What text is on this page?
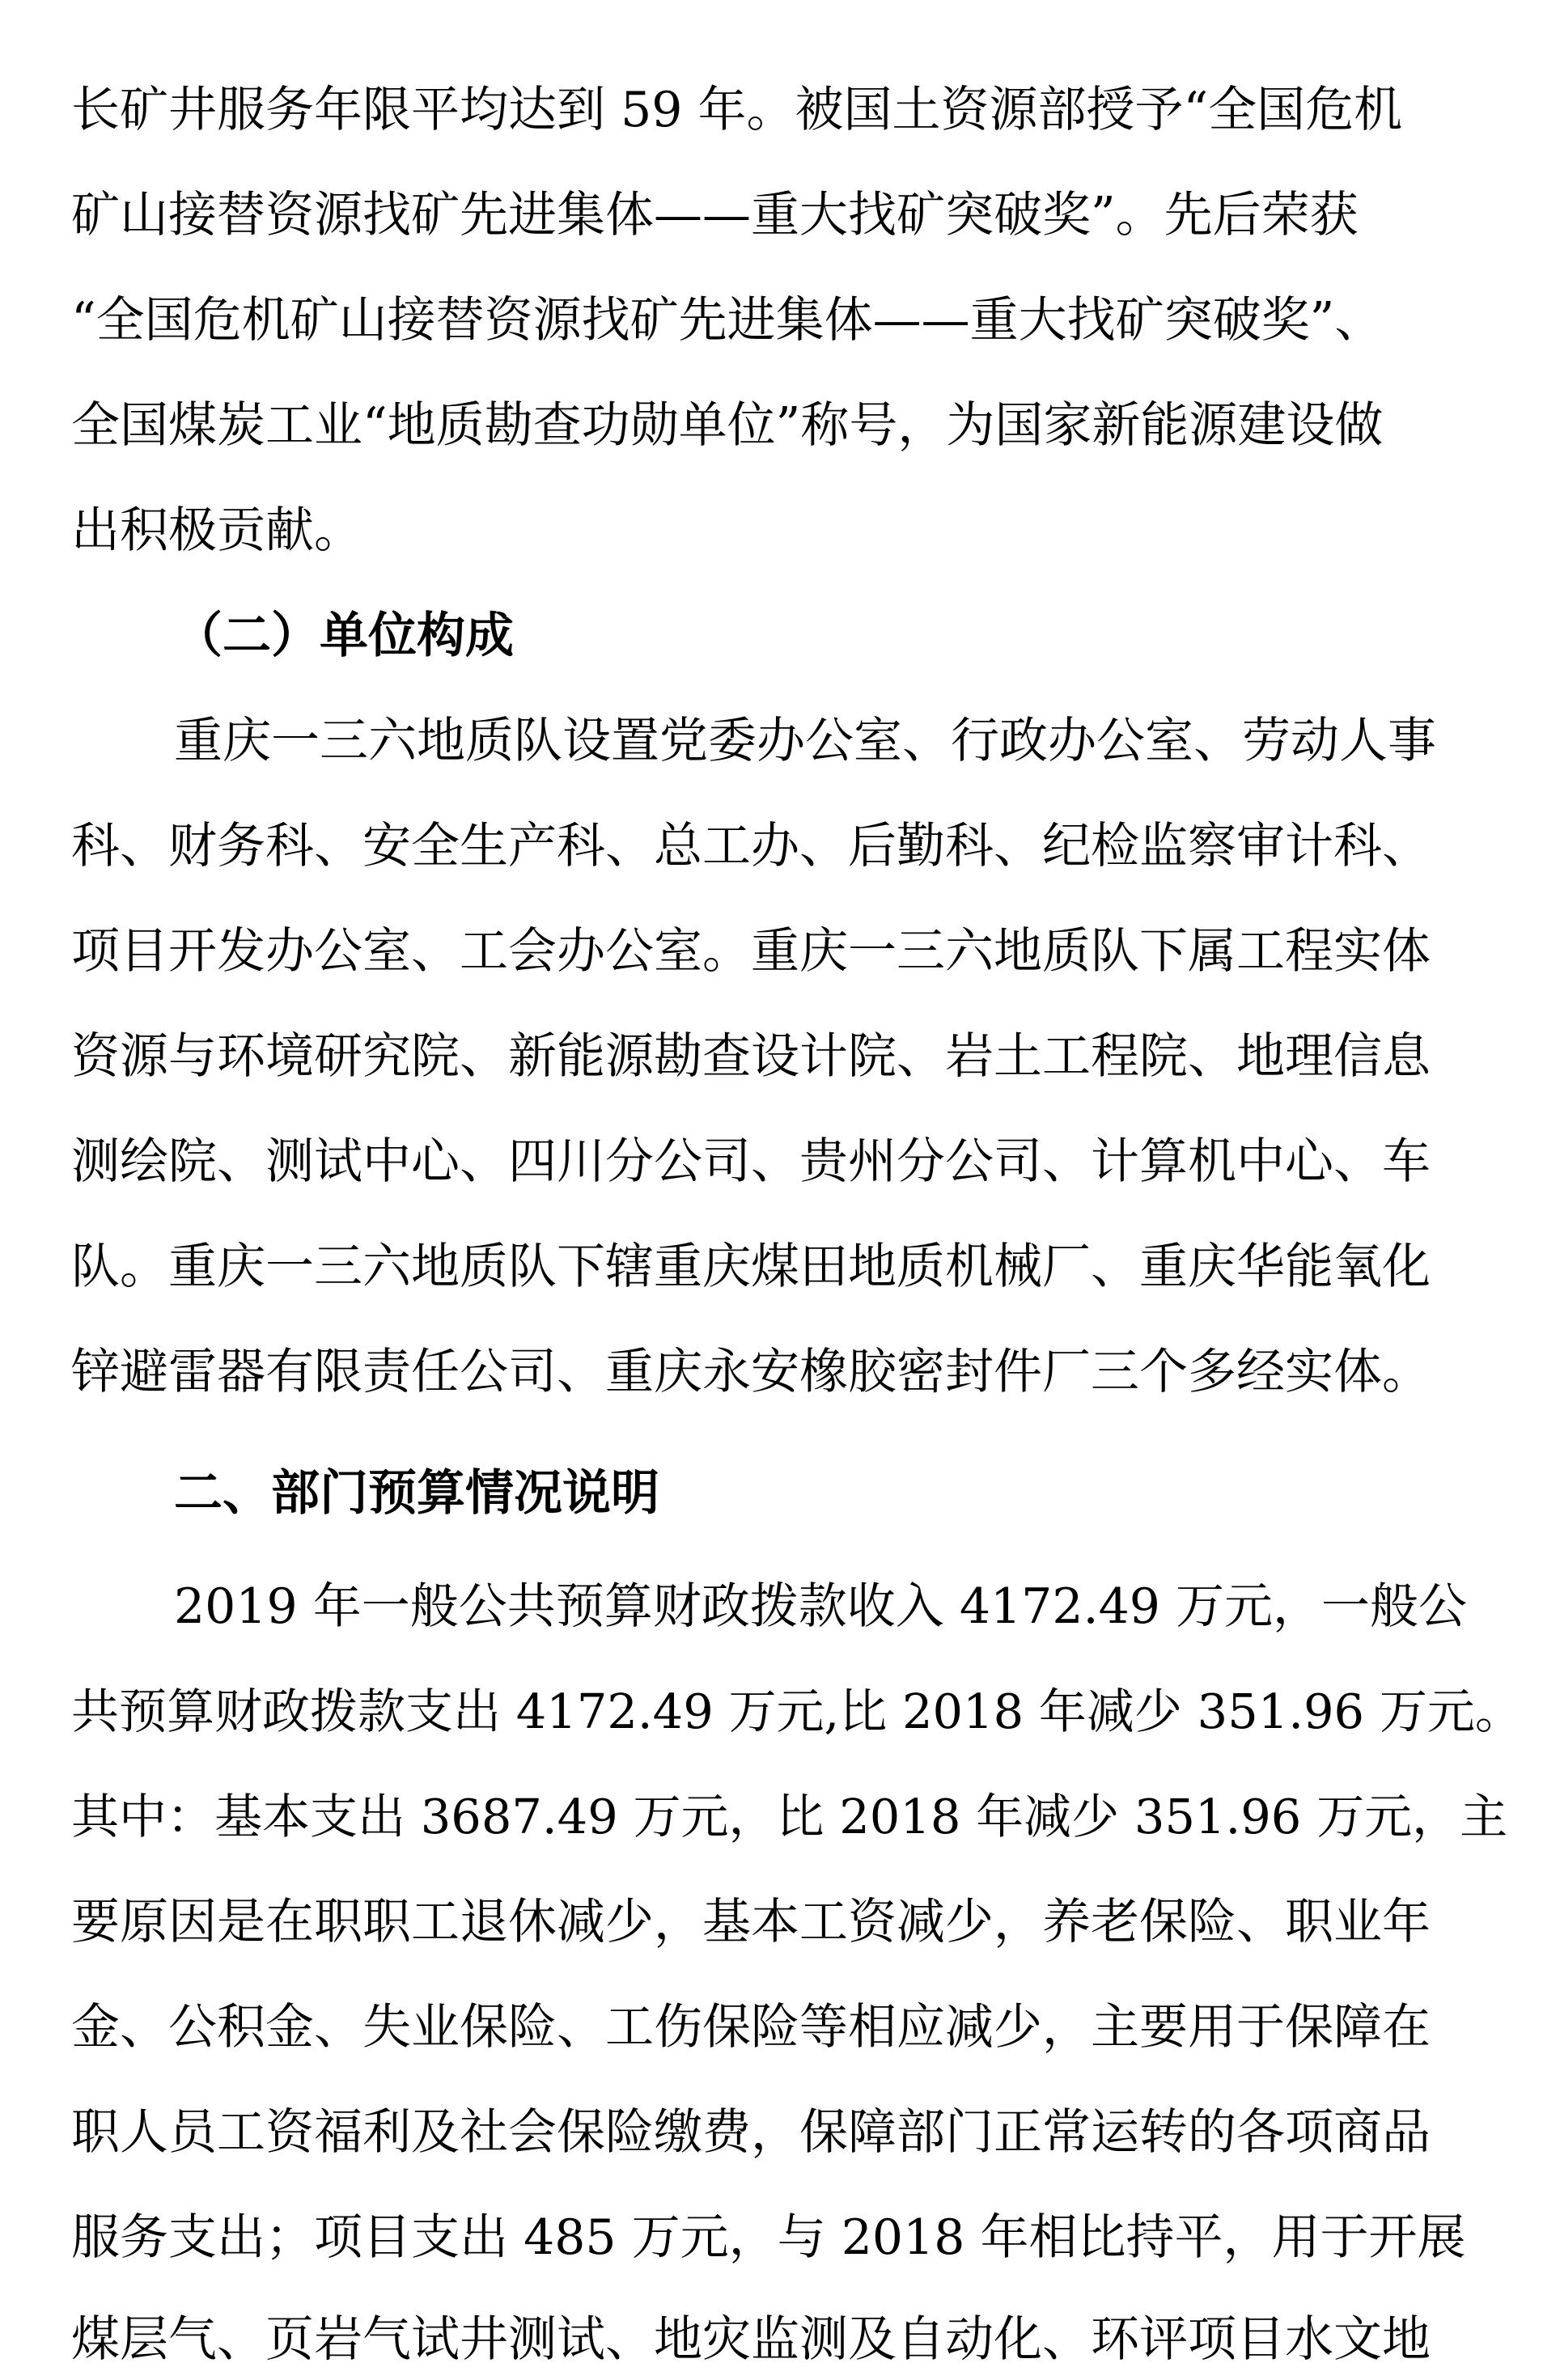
长矿井服务年限平均达到 59 年。被国土资源部授予“全国危机
矿山接替资源找矿先进集体——重大找矿突破奖”。先后荣获
“全国危机矿山接替资源找矿先进集体——重大找矿突破奖”、
全国煤炭工业“地质勘查功勋单位”称号，为国家新能源建设做
出积极贡献。
（二）单位构成
重庆一三六地质队设置党委办公室、行政办公室、劳动人事
科、财务科、安全生产科、总工办、后勤科、纪检监察审计科、
项目开发办公室、工会办公室。重庆一三六地质队下属工程实体
资源与环境研究院、新能源勘查设计院、岩土工程院、地理信息
测绘院、测试中心、四川分公司、贵州分公司、计算机中心、车
队。重庆一三六地质队下辖重庆煤田地质机械厂、重庆华能氧化
锌避雷器有限责任公司、重庆永安橡胶密封件厂三个多经实体。
二、部门预算情况说明
2019 年一般公共预算财政拨款收入 4172.49 万元，一般公
共预算财政拨款支出 4172.49 万元,比 2018 年减少 351.96 万元。
其中：基本支出 3687.49 万元，比 2018 年减少 351.96 万元，主
要原因是在职职工退休减少，基本工资减少，养老保险、职业年
金、公积金、失业保险、工伤保险等相应减少，主要用于保障在
职人员工资福利及社会保险缴费，保障部门正常运转的各项商品
服务支出；项目支出 485 万元，与 2018 年相比持平，用于开展
煤层气、页岩气试井测试、地灾监测及自动化、环评项目水文地
